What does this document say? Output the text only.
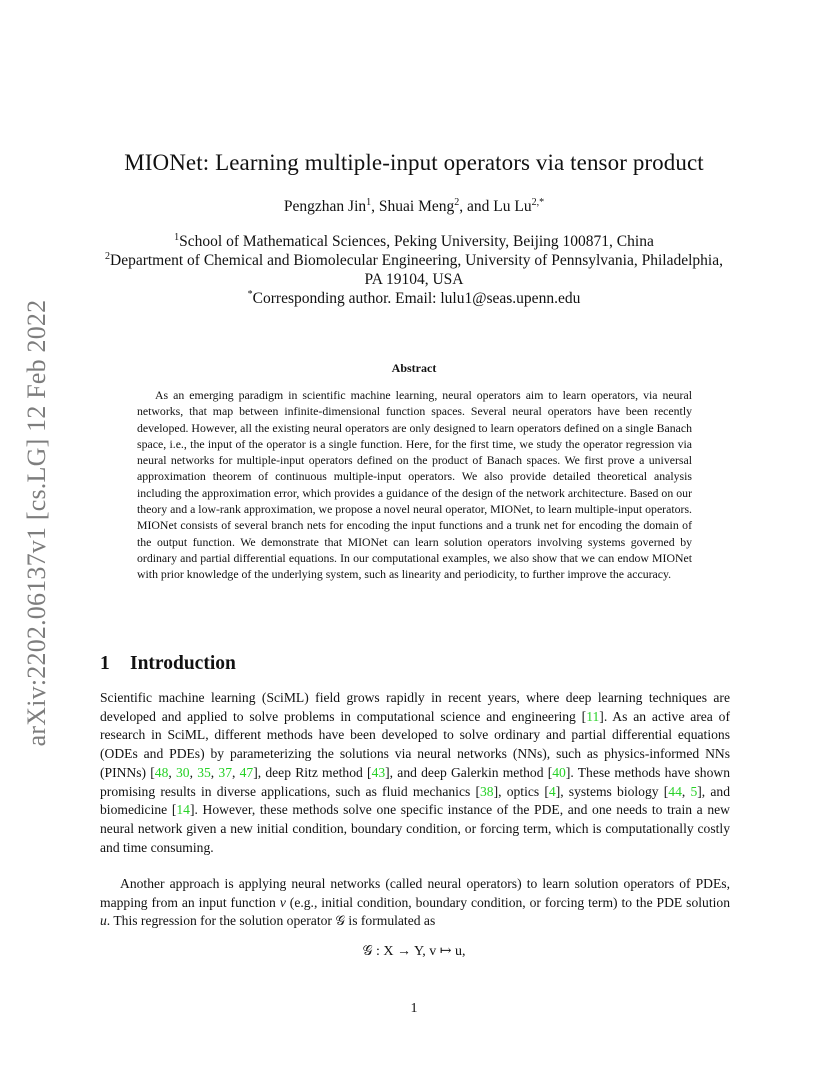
arXiv:2202.06137v1 [cs.LG] 12 Feb 2022
MIONet: Learning multiple-input operators via tensor product
Pengzhan Jin$^1$, Shuai Meng$^2$, and Lu $Lu^{2,*}$
$^1$School of Mathematical Sciences, Peking University, Beijing 100871, China
$^2$Department of Chemical and Biomolecular Engineering, University of Pennsylvania, Philadelphia, PA 19104, USA
*Corresponding author. Email: lulu1@seas.upenn.edu
Abstract

As an emerging paradigm in scientific machine learning, neural operators aim to learn operators, via neural networks, that map between infinite-dimensional function spaces. Several neural operators have been recently developed. However, all the existing neural operators are only designed to learn operators defined on a single Banach space, i.e., the input of the operator is a single function. Here, for the first time, we study the operator regression via neural networks for multiple-input operators defined on the product of Banach spaces. We first prove a universal approximation theorem of continuous multiple-input operators. We also provide detailed theoretical analysis including the approximation error, which provides a guidance of the design of the network architecture. Based on our theory and a low-rank approximation, we propose a novel neural operator, MIONet, to learn multiple-input operators. MIONet consists of several branch nets for encoding the input functions and a trunk net for encoding the domain of the output function. We demonstrate that MIONet can learn solution operators involving systems governed by ordinary and partial differential equations. In our computational examples, we also show that we can endow MIONet with prior knowledge of the underlying system, such as linearity and periodicity, to further improve the accuracy.

1 Introduction

Scientific machine learning (SciML) field grows rapidly in recent years, where deep learning techniques are developed and applied to solve problems in computational science and engineering [11]. As an active area of research in SciML, different methods have been developed to solve ordinary and partial differential equations (ODEs and PDEs) by parameterizing the solutions via neural networks (NNs), such as physics-informed NNs (PINNs) [48, 30, 35, 37, 47], deep Ritz method [43], and deep Galerkin method [40]. These methods have shown promising results in diverse applications, such as fluid mechanics [38], optics [4], systems biology [44, 5], and biomedicine [14]. However, these methods solve one specific instance of the PDE, and one needs to train a new neural network given a new initial condition, boundary condition, or forcing term, which is computationally costly and time consuming.

Another approach is applying neural networks (called neural operators) to learn solution operators of PDEs, mapping from an input function v (e.g., initial condition, boundary condition, or forcing term) to the PDE solution u. This regression for the solution operator 𝒢 is formulated as

𝒢 : X → Y, v ↦ u,
1
